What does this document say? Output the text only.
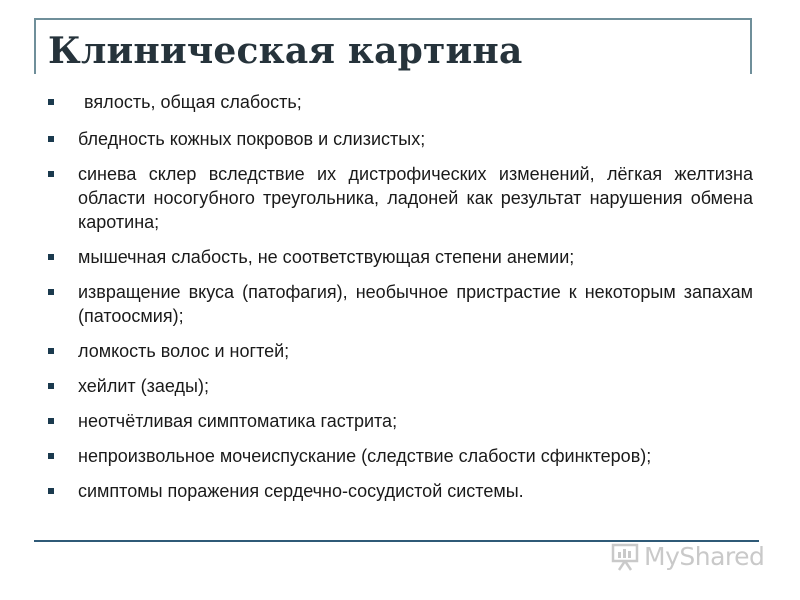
Клиническая картина
вялость, общая слабость;
бледность кожных покровов и слизистых;
синева склер вследствие их дистрофических изменений, лёгкая желтизна области носогубного треугольника, ладоней как результат нарушения обмена каротина;
мышечная слабость, не соответствующая степени анемии;
извращение вкуса (патофагия), необычное пристрастие к некоторым запахам (патоосмия);
ломкость волос и ногтей;
хейлит (заеды);
неотчётливая симптоматика гастрита;
непроизвольное мочеиспускание (следствие слабости сфинктеров);
симптомы поражения сердечно-сосудистой системы.
MyShared
